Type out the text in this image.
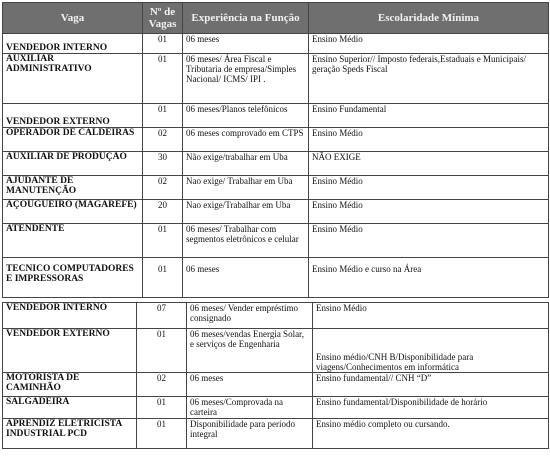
Vaga	Nº de Vagas	Experiência na Função	Escolaridade Mínima
VENDEDOR INTERNO	01	06 meses	Ensino Médio
AUXILIAR ADMINISTRATIVO	01	06 meses/ Área Fiscal e Tributaria de empresa/Simples Nacional/ ICMS/ IPI .	Ensino Superior// Imposto federais,Estaduais e Municipais/ geração Speds Fiscal
VENDEDOR EXTERNO	01	06 meses/Planos telefônicos	Ensino Fundamental
OPERADOR DE CALDEIRAS	02	06 meses comprovado em CTPS	Ensino Médio
AUXILIAR DE PRODUÇÃO	30	Não exige/trabalhar em Uba	NÃO EXIGE
AJUDANTE DE MANUTENÇÃO	02	Nao exige/ Trabalhar em Uba	Ensino Médio
AÇOUGUEIRO (MAGAREFE)	20	Nao exige/Trabalhar em Uba	Ensino Médio
ATENDENTE	01	06 meses/ Trabalhar com segmentos eletrônicos e celular	Ensino Médio
TECNICO COMPUTADORES E IMPRESSORAS	01	06 meses	Ensino Médio e curso na Área
VENDEDOR INTERNO	07	06 meses/ Vender empréstimo consignado	Ensino Médio
VENDEDOR EXTERNO	01	06 meses/vendas Energia Solar, e serviços de Engenharia	Ensino médio/CNH B/Disponibilidade para viagens/Conhecimentos em informática
MOTORISTA DE CAMINHÃO	02	06 meses	Ensino fundamental// CNH “D”
SALGADEIRA	01	06 meses/Comprovada na carteira	Ensino fundamental/Disponibilidade de horário
APRENDIZ ELETRICISTA INDUSTRIAL PCD	01	Disponibilidade para período integral	Ensino médio completo ou cursando.
